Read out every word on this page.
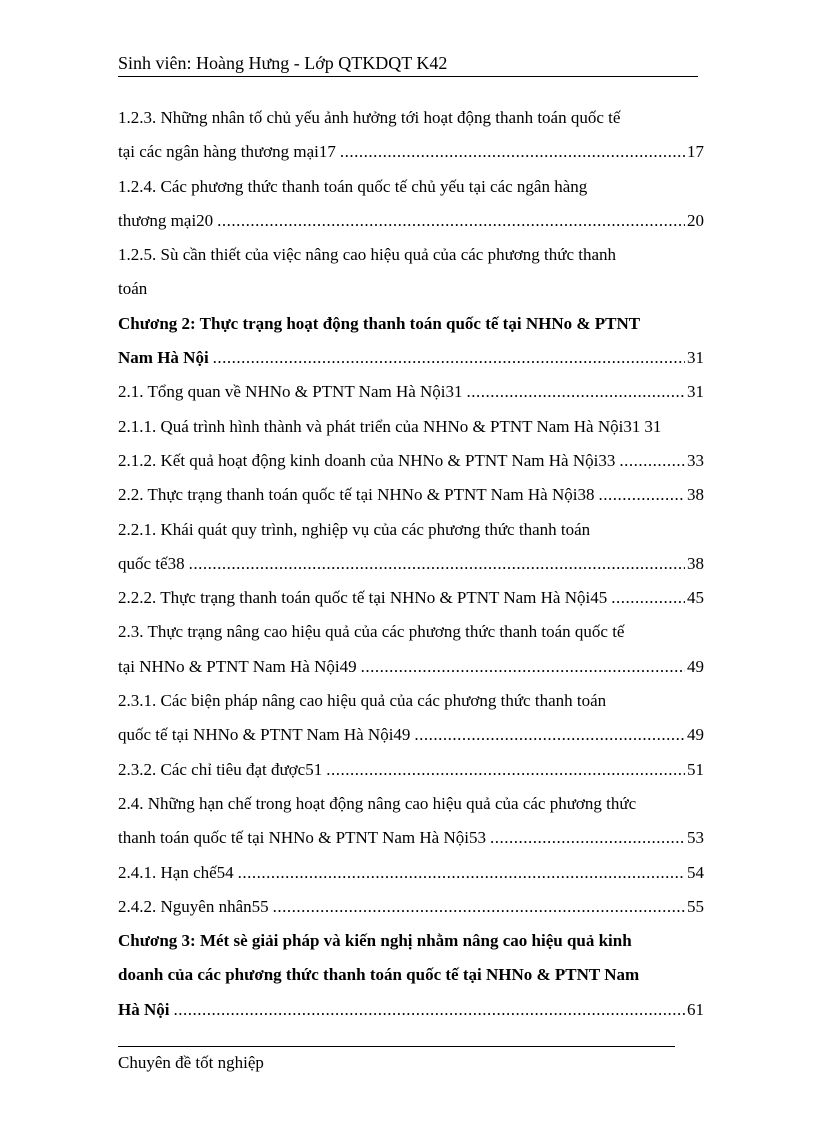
Sinh viên: Hoàng Hưng - Lớp QTKDQT K42
1.2.3. Những nhân tố chủ yếu ảnh hưởng tới hoạt động thanh toán quốc tế
tại các ngân hàng thương mại17 .....	17
1.2.4. Các phương thức thanh toán quốc tế chủ yếu tại các ngân hàng
thương mại20 .....	20
1.2.5. Sù cần thiết của việc nâng cao hiệu quả của các phương thức thanh
toán
Chương 2: Thực trạng hoạt động thanh toán quốc tế tại NHNo & PTNT
Nam Hà Nội .....	31
2.1. Tổng quan về NHNo & PTNT Nam Hà Nội31 .....	31
2.1.1. Quá trình hình thành và phát triển của NHNo & PTNT Nam Hà Nội31 31
2.1.2. Kết quả hoạt động kinh doanh của NHNo & PTNT Nam Hà Nội33 .....	33
2.2. Thực trạng thanh toán quốc tế tại NHNo & PTNT Nam Hà Nội38 .....	38
2.2.1. Khái quát quy trình, nghiệp vụ của các phương thức thanh toán
quốc tế38 .....	38
2.2.2. Thực trạng thanh toán quốc tế tại NHNo & PTNT Nam Hà Nội45 .....	45
2.3. Thực trạng nâng cao hiệu quả của các phương thức thanh toán quốc tế
tại NHNo & PTNT Nam Hà Nội49 .....	49
2.3.1. Các biện pháp nâng cao hiệu quả của các phương thức thanh toán
quốc tế tại NHNo & PTNT Nam Hà Nội49 .....	49
2.3.2. Các chỉ tiêu đạt được51 .....	51
2.4. Những hạn chế trong hoạt động nâng cao hiệu quả của các phương thức
thanh toán quốc tế tại NHNo & PTNT Nam Hà Nội53 .....	53
2.4.1. Hạn chế54 .....	54
2.4.2. Nguyên nhân55 .....	55
Chương 3: Mét sè giải pháp và kiến nghị nhằm nâng cao hiệu quả kinh
doanh của các phương thức thanh toán quốc tế tại NHNo & PTNT Nam
Hà Nội .....	61
Chuyên đề tốt nghiệp
